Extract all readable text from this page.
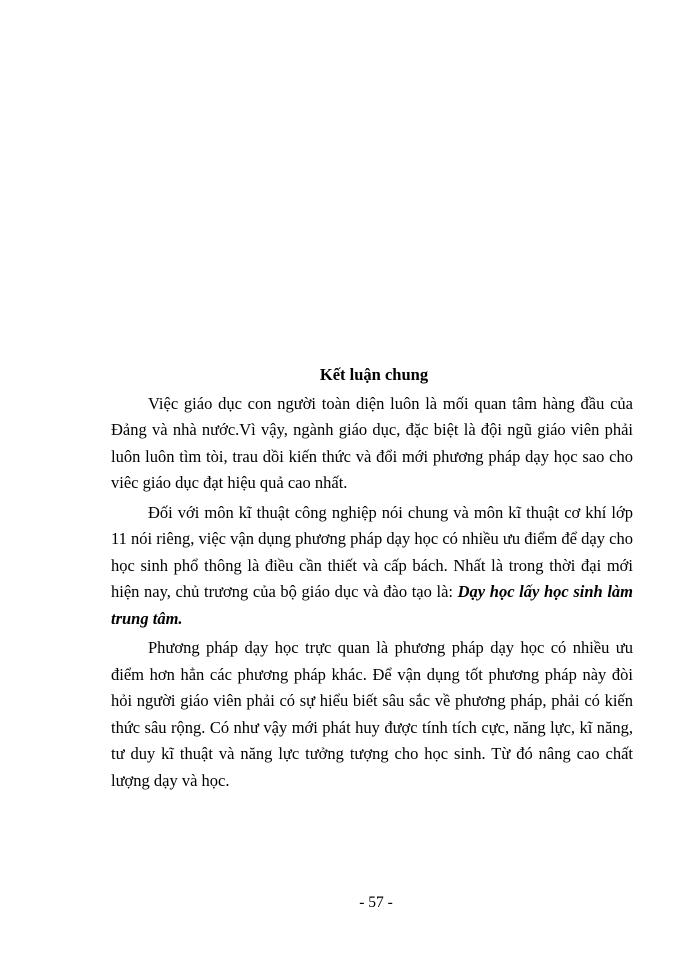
Kết luận chung

Việc giáo dục con người toàn diện luôn là mối quan tâm hàng đầu của Đảng và nhà nước.Vì vậy, ngành giáo dục, đặc biệt là đội ngũ giáo viên phải luôn luôn tìm tòi, trau dồi kiến thức và đổi mới phương pháp dạy học sao cho viêc giáo dục đạt hiệu quả cao nhất.

Đối với môn kĩ thuật công nghiệp nói chung và môn kĩ thuật cơ khí lớp 11 nói riêng, việc vận dụng phương pháp dạy học có nhiều ưu điểm để dạy cho học sinh phổ thông là điều cần thiết và cấp bách. Nhất là trong thời đại mới hiện nay, chủ trương của bộ giáo dục và đào tạo là: Dạy học lấy học sinh làm trung tâm.

Phương pháp dạy học trực quan là phương pháp dạy học có nhiều ưu điểm hơn hẳn các phương pháp khác. Để vận dụng tốt phương pháp này đòi hỏi người giáo viên phải có sự hiểu biết sâu sắc về phương pháp, phải có kiến thức sâu rộng. Có như vậy mới phát huy được tính tích cực, năng lực, kĩ năng, tư duy kĩ thuật và năng lực tưởng tượng cho học sinh. Từ đó nâng cao chất lượng dạy và học.

- 57 -
